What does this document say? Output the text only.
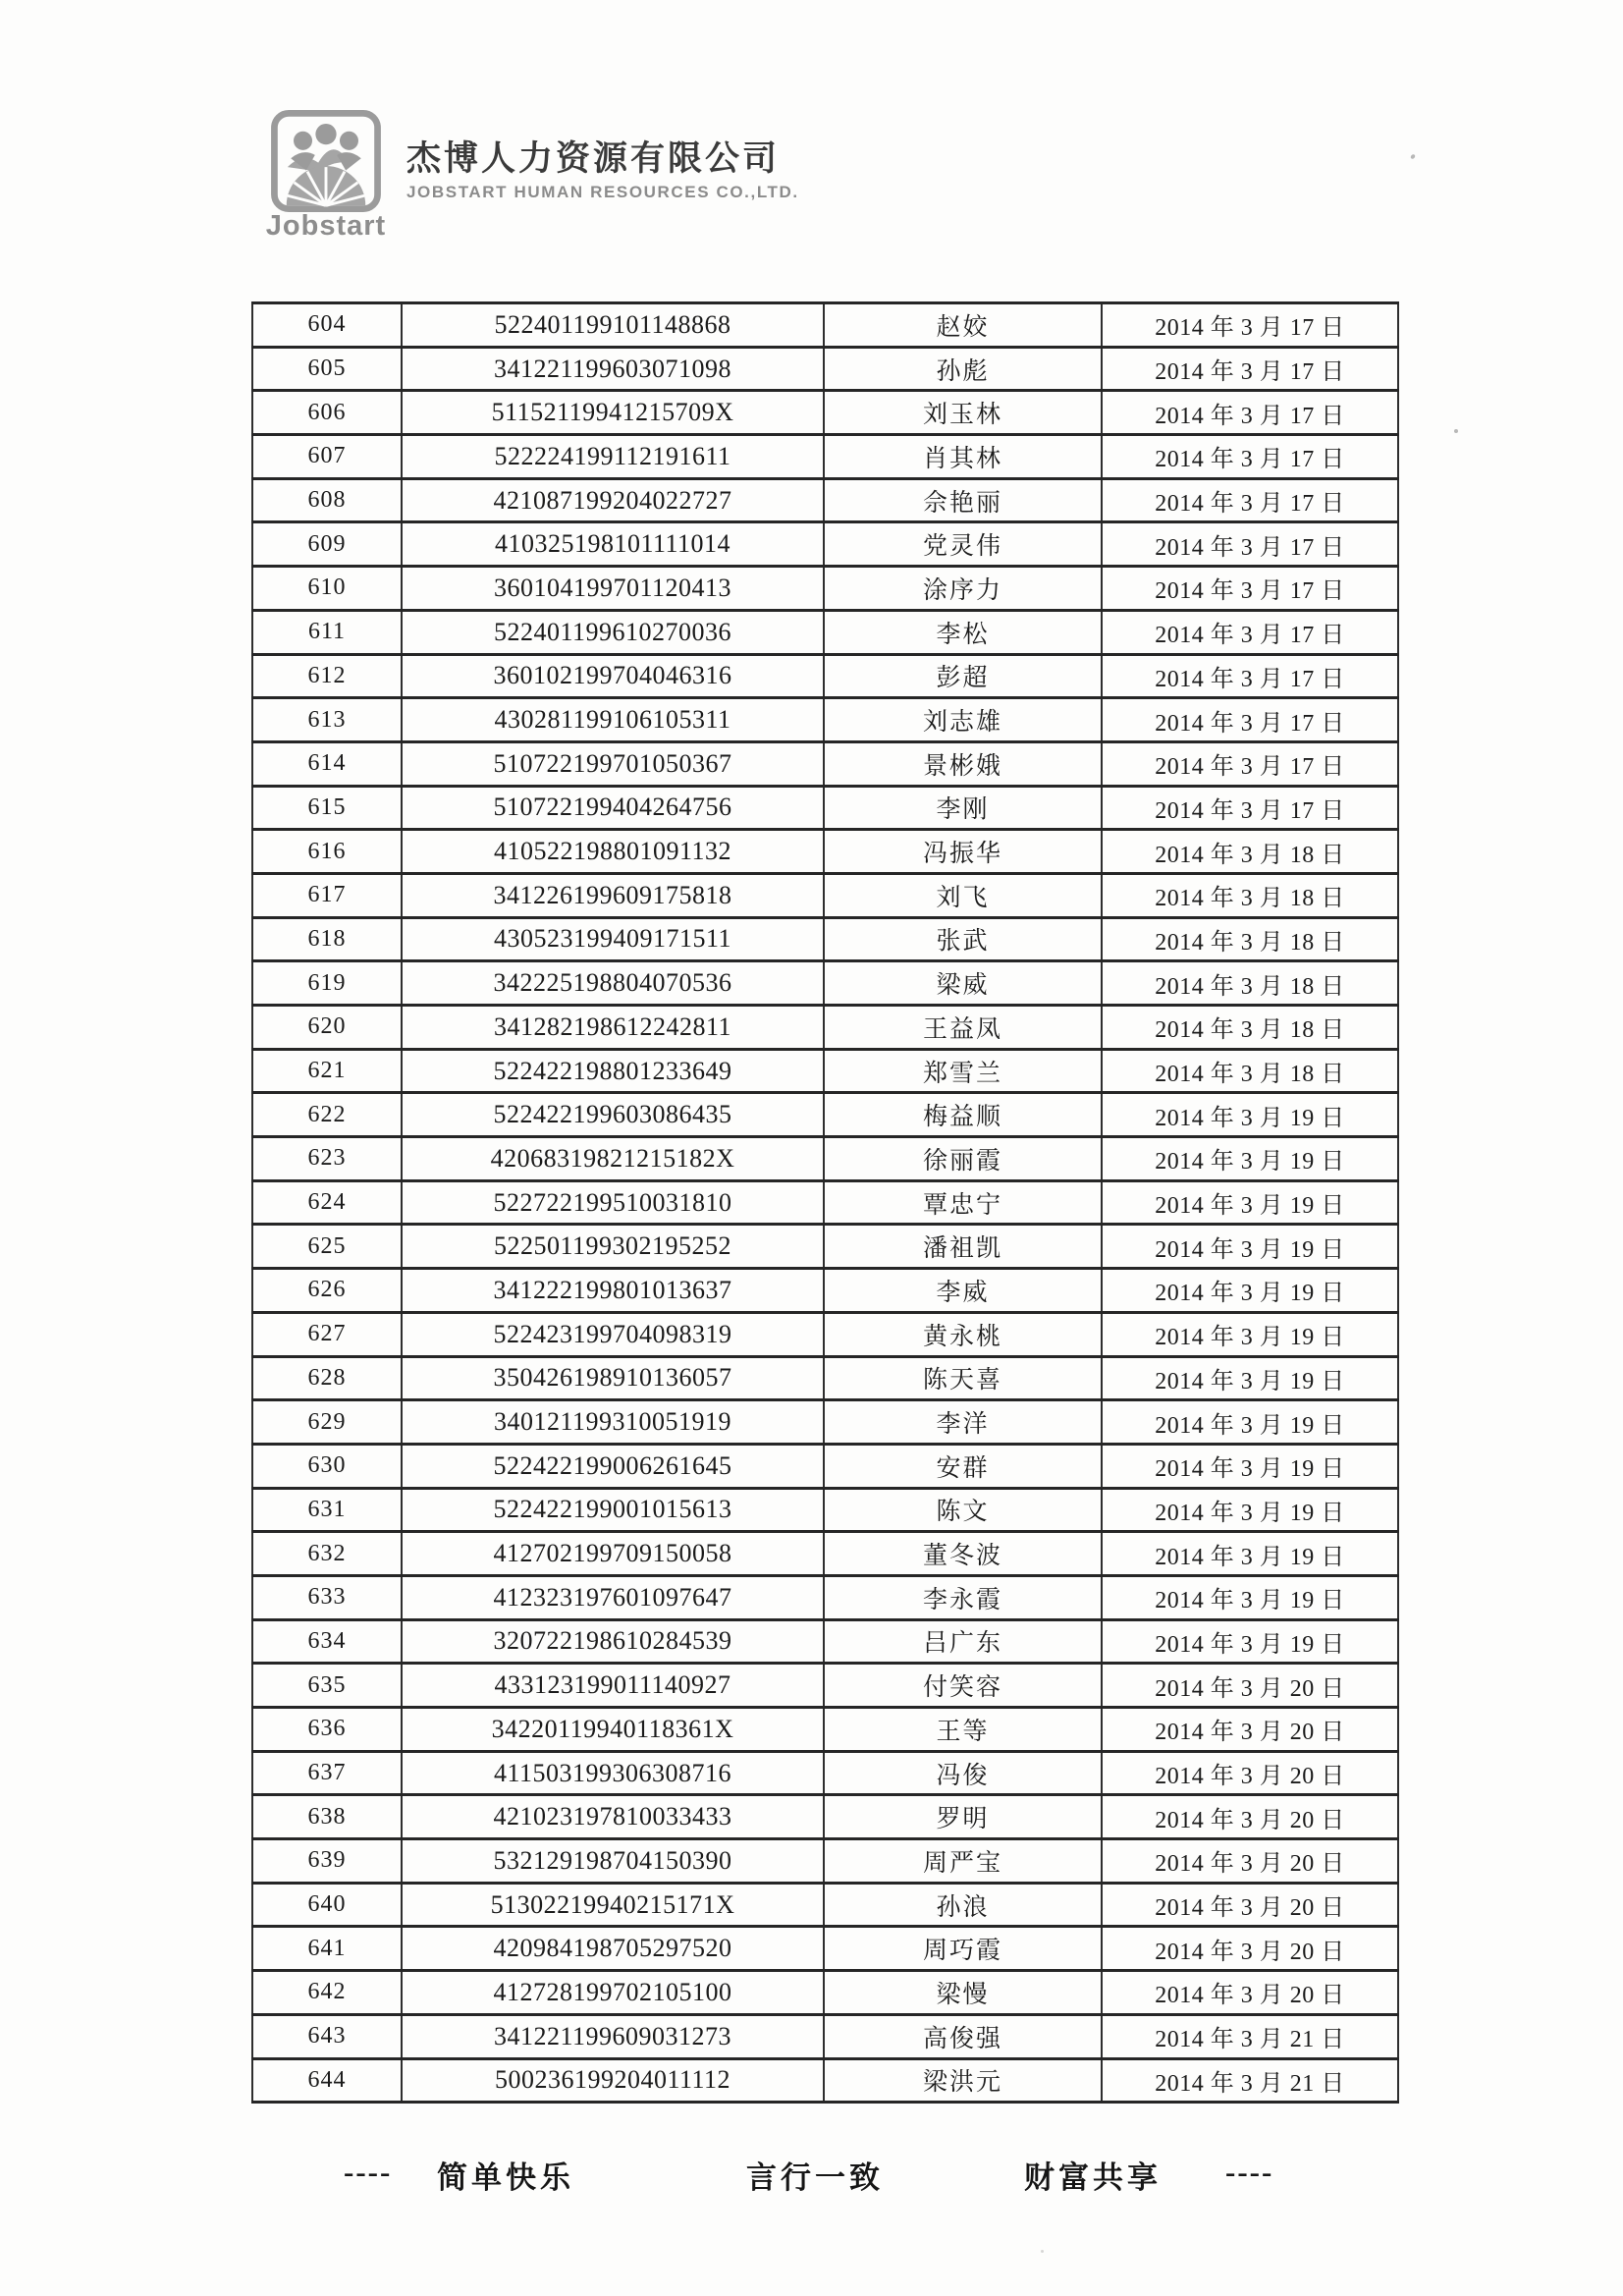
Jobstart
杰博人力资源有限公司
JOBSTART HUMAN RESOURCES CO.,LTD.
604	522401199101148868	赵姣	2014 年 3 月 17 日
605	341221199603071098	孙彪	2014 年 3 月 17 日
606	51152119941215709X	刘玉林	2014 年 3 月 17 日
607	522224199112191611	肖其林	2014 年 3 月 17 日
608	421087199204022727	佘艳丽	2014 年 3 月 17 日
609	410325198101111014	党灵伟	2014 年 3 月 17 日
610	360104199701120413	涂序力	2014 年 3 月 17 日
611	522401199610270036	李松	2014 年 3 月 17 日
612	360102199704046316	彭超	2014 年 3 月 17 日
613	430281199106105311	刘志雄	2014 年 3 月 17 日
614	510722199701050367	景彬娥	2014 年 3 月 17 日
615	510722199404264756	李刚	2014 年 3 月 17 日
616	410522198801091132	冯振华	2014 年 3 月 18 日
617	341226199609175818	刘飞	2014 年 3 月 18 日
618	430523199409171511	张武	2014 年 3 月 18 日
619	342225198804070536	梁威	2014 年 3 月 18 日
620	341282198612242811	王益凤	2014 年 3 月 18 日
621	522422198801233649	郑雪兰	2014 年 3 月 18 日
622	522422199603086435	梅益顺	2014 年 3 月 19 日
623	42068319821215182X	徐丽霞	2014 年 3 月 19 日
624	522722199510031810	覃忠宁	2014 年 3 月 19 日
625	522501199302195252	潘祖凯	2014 年 3 月 19 日
626	341222199801013637	李威	2014 年 3 月 19 日
627	522423199704098319	黄永桃	2014 年 3 月 19 日
628	350426198910136057	陈天喜	2014 年 3 月 19 日
629	340121199310051919	李洋	2014 年 3 月 19 日
630	522422199006261645	安群	2014 年 3 月 19 日
631	522422199001015613	陈文	2014 年 3 月 19 日
632	412702199709150058	董冬波	2014 年 3 月 19 日
633	412323197601097647	李永霞	2014 年 3 月 19 日
634	320722198610284539	吕广东	2014 年 3 月 19 日
635	433123199011140927	付笑容	2014 年 3 月 20 日
636	34220119940118361X	王等	2014 年 3 月 20 日
637	411503199306308716	冯俊	2014 年 3 月 20 日
638	421023197810033433	罗明	2014 年 3 月 20 日
639	532129198704150390	周严宝	2014 年 3 月 20 日
640	51302219940215171X	孙浪	2014 年 3 月 20 日
641	420984198705297520	周巧霞	2014 年 3 月 20 日
642	412728199702105100	梁慢	2014 年 3 月 20 日
643	341221199609031273	高俊强	2014 年 3 月 21 日
644	500236199204011112	梁洪元	2014 年 3 月 21 日
---- 简单快乐	言行一致	财富共享 ----
